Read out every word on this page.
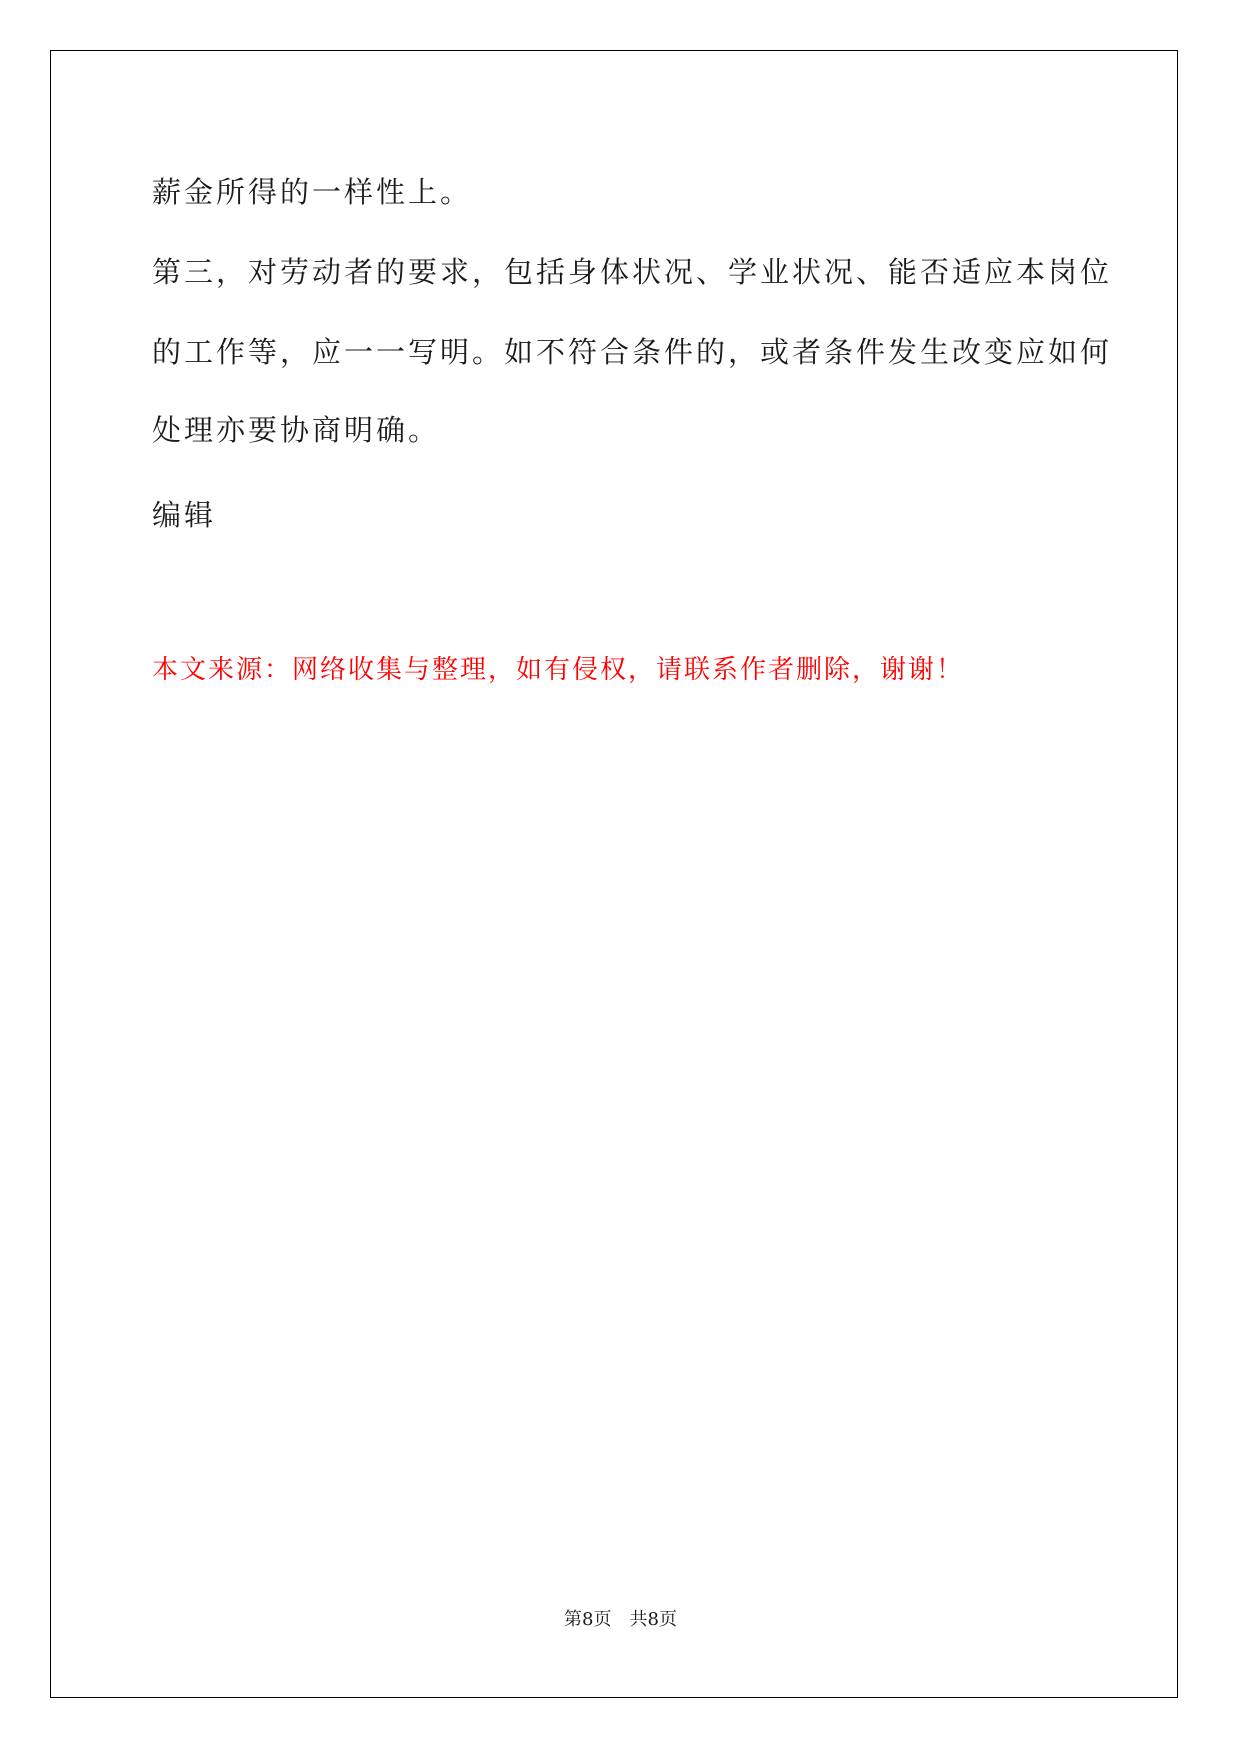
薪金所得的一样性上。
第三，对劳动者的要求，包括身体状况、学业状况、能否适应本岗位
的工作等，应一一写明。如不符合条件的，或者条件发生改变应如何
处理亦要协商明确。
编辑
本文来源：网络收集与整理，如有侵权，请联系作者删除，谢谢！
第8页　共8页
